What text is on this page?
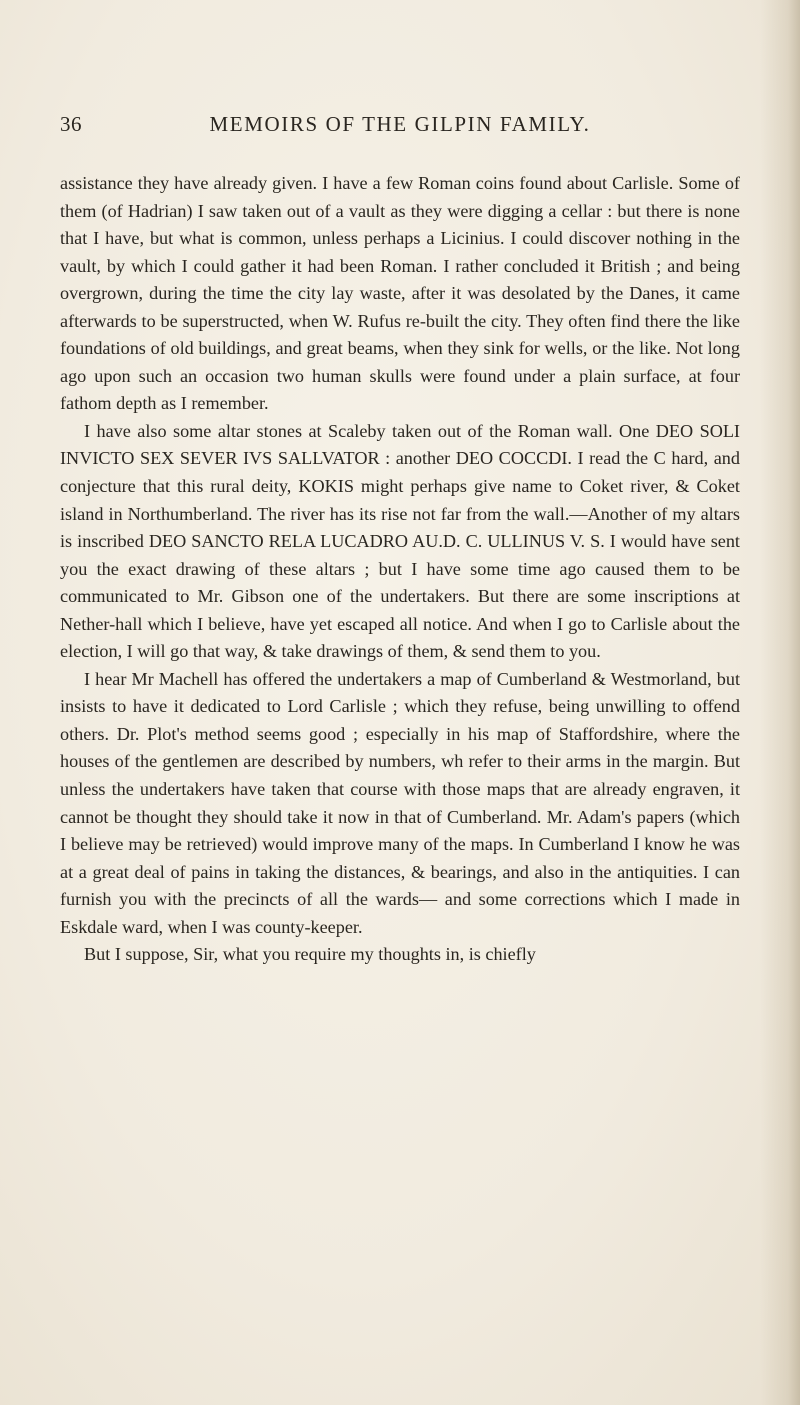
36	MEMOIRS OF THE GILPIN FAMILY.

assistance they have already given. I have a few Roman coins found about Carlisle. Some of them (of Hadrian) I saw taken out of a vault as they were digging a cellar : but there is none that I have, but what is common, unless perhaps a Licinius. I could discover nothing in the vault, by which I could gather it had been Roman. I rather concluded it British ; and being overgrown, during the time the city lay waste, after it was desolated by the Danes, it came afterwards to be superstructed, when W. Rufus re-built the city. They often find there the like foundations of old buildings, and great beams, when they sink for wells, or the like. Not long ago upon such an occasion two human skulls were found under a plain surface, at four fathom depth as I remember.

I have also some altar stones at Scaleby taken out of the Roman wall. One DEO SOLI INVICTO SEX SEVER IVS SALLVATOR : another DEO COCCDI. I read the C hard, and conjecture that this rural deity, KOKIS might perhaps give name to Coket river, & Coket island in Northumberland. The river has its rise not far from the wall.—Another of my altars is inscribed DEO SANCTO RELA LUCADRO AU.D. C. ULLINUS V. S. I would have sent you the exact drawing of these altars ; but I have some time ago caused them to be communicated to Mr. Gibson one of the undertakers. But there are some inscriptions at Nether-hall which I believe, have yet escaped all notice. And when I go to Carlisle about the election, I will go that way, & take drawings of them, & send them to you.

I hear Mr Machell has offered the undertakers a map of Cumberland & Westmorland, but insists to have it dedicated to Lord Carlisle ; which they refuse, being unwilling to offend others. Dr. Plot's method seems good ; especially in his map of Staffordshire, where the houses of the gentlemen are described by numbers, wh refer to their arms in the margin. But unless the undertakers have taken that course with those maps that are already engraven, it cannot be thought they should take it now in that of Cumberland. Mr. Adam's papers (which I believe may be retrieved) would improve many of the maps. In Cumberland I know he was at a great deal of pains in taking the distances, & bearings, and also in the antiquities. I can furnish you with the precincts of all the wards— and some corrections which I made in Eskdale ward, when I was county-keeper.

But I suppose, Sir, what you require my thoughts in, is chiefly
